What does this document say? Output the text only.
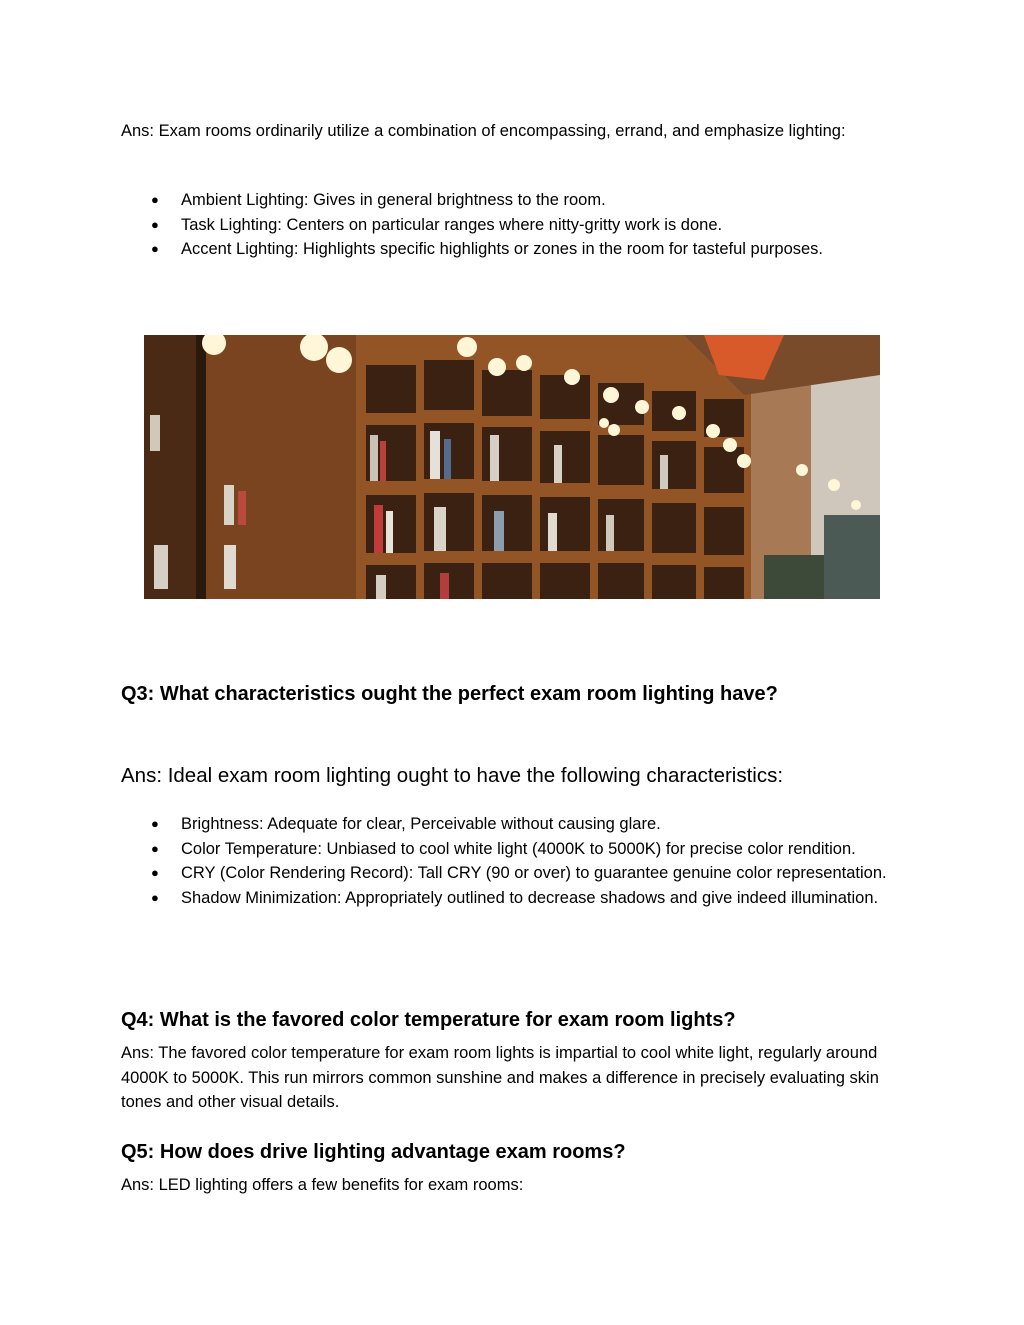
Ans: Exam rooms ordinarily utilize a combination of encompassing, errand, and emphasize lighting:

● Ambient Lighting: Gives in general brightness to the room.
● Task Lighting: Centers on particular ranges where nitty-gritty work is done.
● Accent Lighting: Highlights specific highlights or zones in the room for tasteful purposes.
Q3: What characteristics ought the perfect exam room lighting have?

Ans: Ideal exam room lighting ought to have the following characteristics:

● Brightness: Adequate for clear, Perceivable without causing glare.
● Color Temperature: Unbiased to cool white light (4000K to 5000K) for precise color rendition.
● CRY (Color Rendering Record): Tall CRY (90 or over) to guarantee genuine color representation.
● Shadow Minimization: Appropriately outlined to decrease shadows and give indeed illumination.
Q4: What is the favored color temperature for exam room lights?

Ans: The favored color temperature for exam room lights is impartial to cool white light, regularly around 4000K to 5000K. This run mirrors common sunshine and makes a difference in precisely evaluating skin tones and other visual details.

Q5: How does drive lighting advantage exam rooms?

Ans: LED lighting offers a few benefits for exam rooms:
